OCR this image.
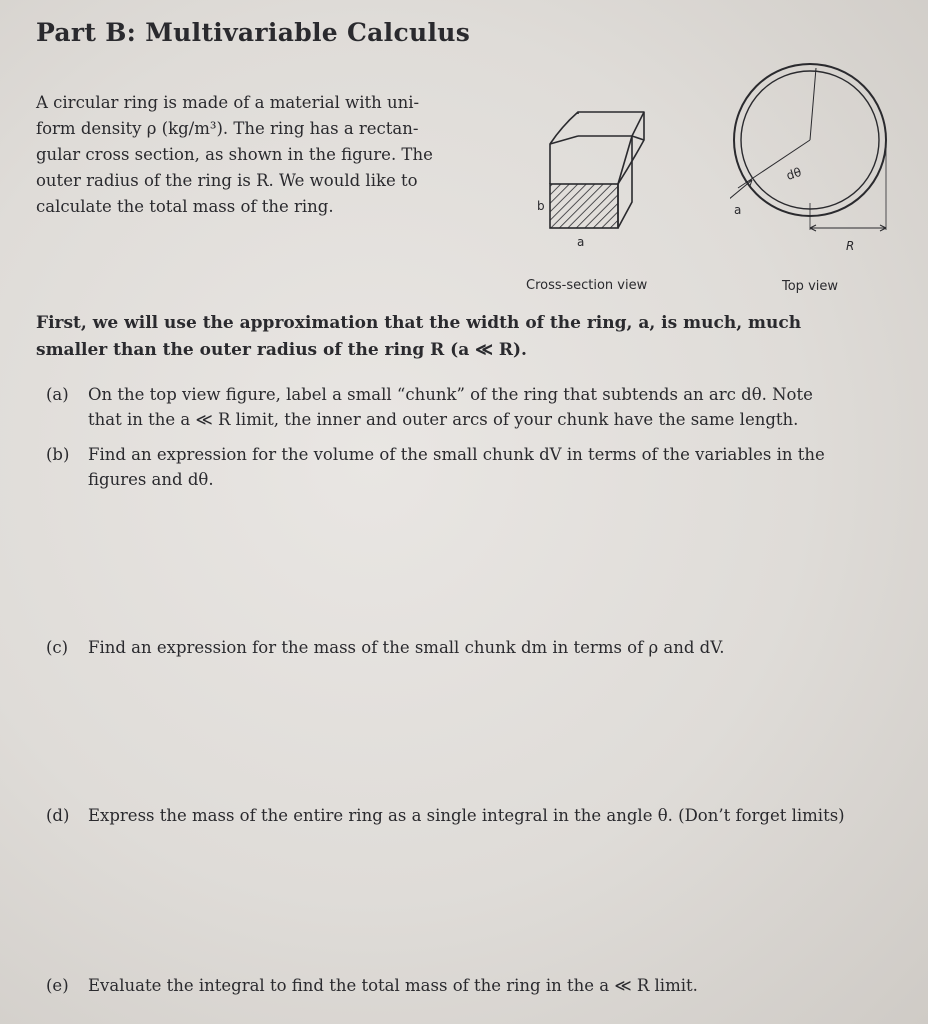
Part B: Multivariable Calculus
A circular ring is made of a material with uni-
form density ρ (kg/m³). The ring has a rectan-
gular cross section, as shown in the figure. The
outer radius of the ring is R. We would like to
calculate the total mass of the ring.	b
a
dθ
a
R
Cross-section view	Top view
First, we will use the approximation that the width of the ring, a, is much, much
smaller than the outer radius of the ring R (a ≪ R).
(a) On the top view figure, label a small “chunk” of the ring that subtends an arc dθ. Note
that in the a ≪ R limit, the inner and outer arcs of your chunk have the same length.
(b) Find an expression for the volume of the small chunk dV in terms of the variables in the
figures and dθ.
(c) Find an expression for the mass of the small chunk dm in terms of ρ and dV.
(d) Express the mass of the entire ring as a single integral in the angle θ. (Don’t forget limits)
(e) Evaluate the integral to find the total mass of the ring in the a ≪ R limit.
